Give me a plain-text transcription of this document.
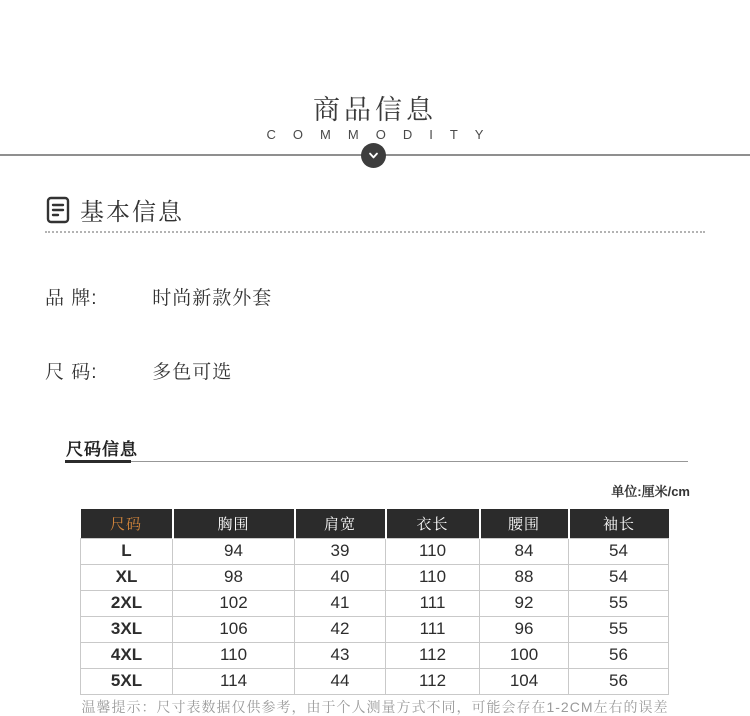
商品信息
COMMODITY
基本信息
品 牌:	时尚新款外套
尺 码:	多色可选
尺码信息
单位:厘米/cm
尺码	胸围	肩宽	衣长	腰围	袖长
L	94	39	110	84	54
XL	98	40	110	88	54
2XL	102	41	111	92	55
3XL	106	42	111	96	55
4XL	110	43	112	100	56
5XL	114	44	112	104	56
温馨提示：尺寸表数据仅供参考，由于个人测量方式不同，可能会存在1-2CM左右的误差
